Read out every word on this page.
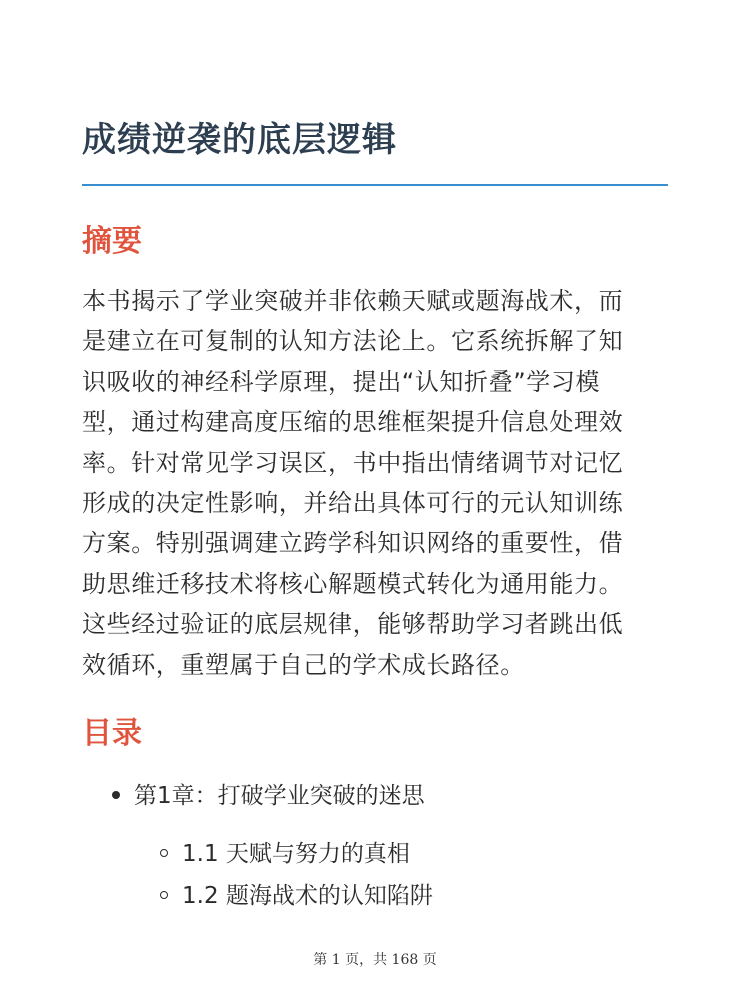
成绩逆袭的底层逻辑
摘要

本书揭示了学业突破并非依赖天赋或题海战术，而
是建立在可复制的认知方法论上。它系统拆解了知
识吸收的神经科学原理，提出“认知折叠”学习模
型，通过构建高度压缩的思维框架提升信息处理效
率。针对常见学习误区，书中指出情绪调节对记忆
形成的决定性影响，并给出具体可行的元认知训练
方案。特别强调建立跨学科知识网络的重要性，借
助思维迁移技术将核心解题模式转化为通用能力。
这些经过验证的底层规律，能够帮助学习者跳出低
效循环，重塑属于自己的学术成长路径。

目录
第1章：打破学业突破的迷思
1.1 天赋与努力的真相
1.2 题海战术的认知陷阱
第 1 页，共 168 页
